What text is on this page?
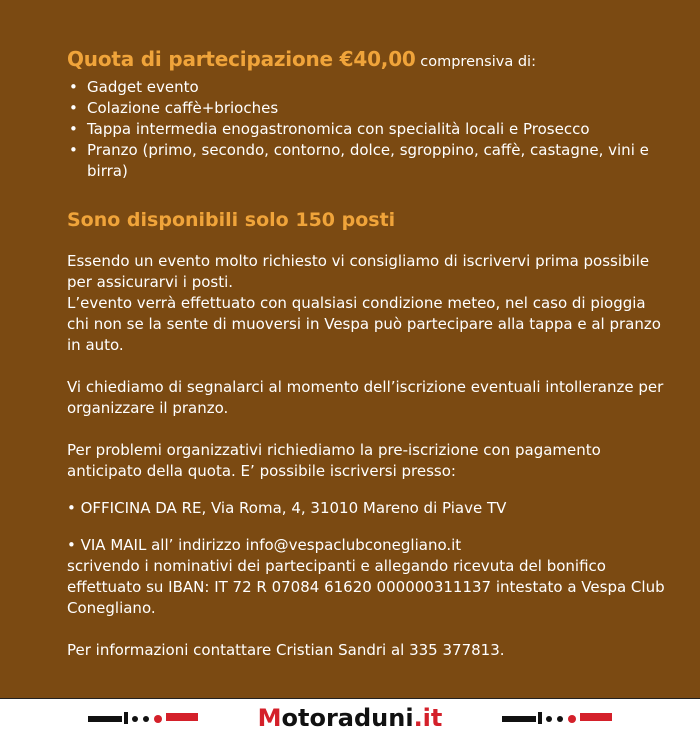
Quota di partecipazione €40,00 comprensiva di:
• Gadget evento
• Colazione caffè+brioches
• Tappa intermedia enogastronomica con specialità locali e Prosecco
• Pranzo (primo, secondo, contorno, dolce, sgroppino, caffè, castagne, vini e birra)
Sono disponibili solo 150 posti

Essendo un evento molto richiesto vi consigliamo di iscrivervi prima possibile per assicurarvi i posti.

L’evento verrà effettuato con qualsiasi condizione meteo, nel caso di pioggia chi non se la sente di muoversi in Vespa può partecipare alla tappa e al pranzo in auto.

Vi chiediamo di segnalarci al momento dell’iscrizione eventuali intolleranze per organizzare il pranzo.

Per problemi organizzativi richiediamo la pre-iscrizione con pagamento anticipato della quota. E’ possibile iscriversi presso:

• OFFICINA DA RE, Via Roma, 4, 31010 Mareno di Piave TV

• VIA MAIL all’ indirizzo info@vespaclubconegliano.it
scrivendo i nominativi dei partecipanti e allegando ricevuta del bonifico effettuato su IBAN: IT 72 R 07084 61620 000000311137 intestato a Vespa Club Conegliano.

Per informazioni contattare Cristian Sandri al 335 377813.

Motoraduni.it
